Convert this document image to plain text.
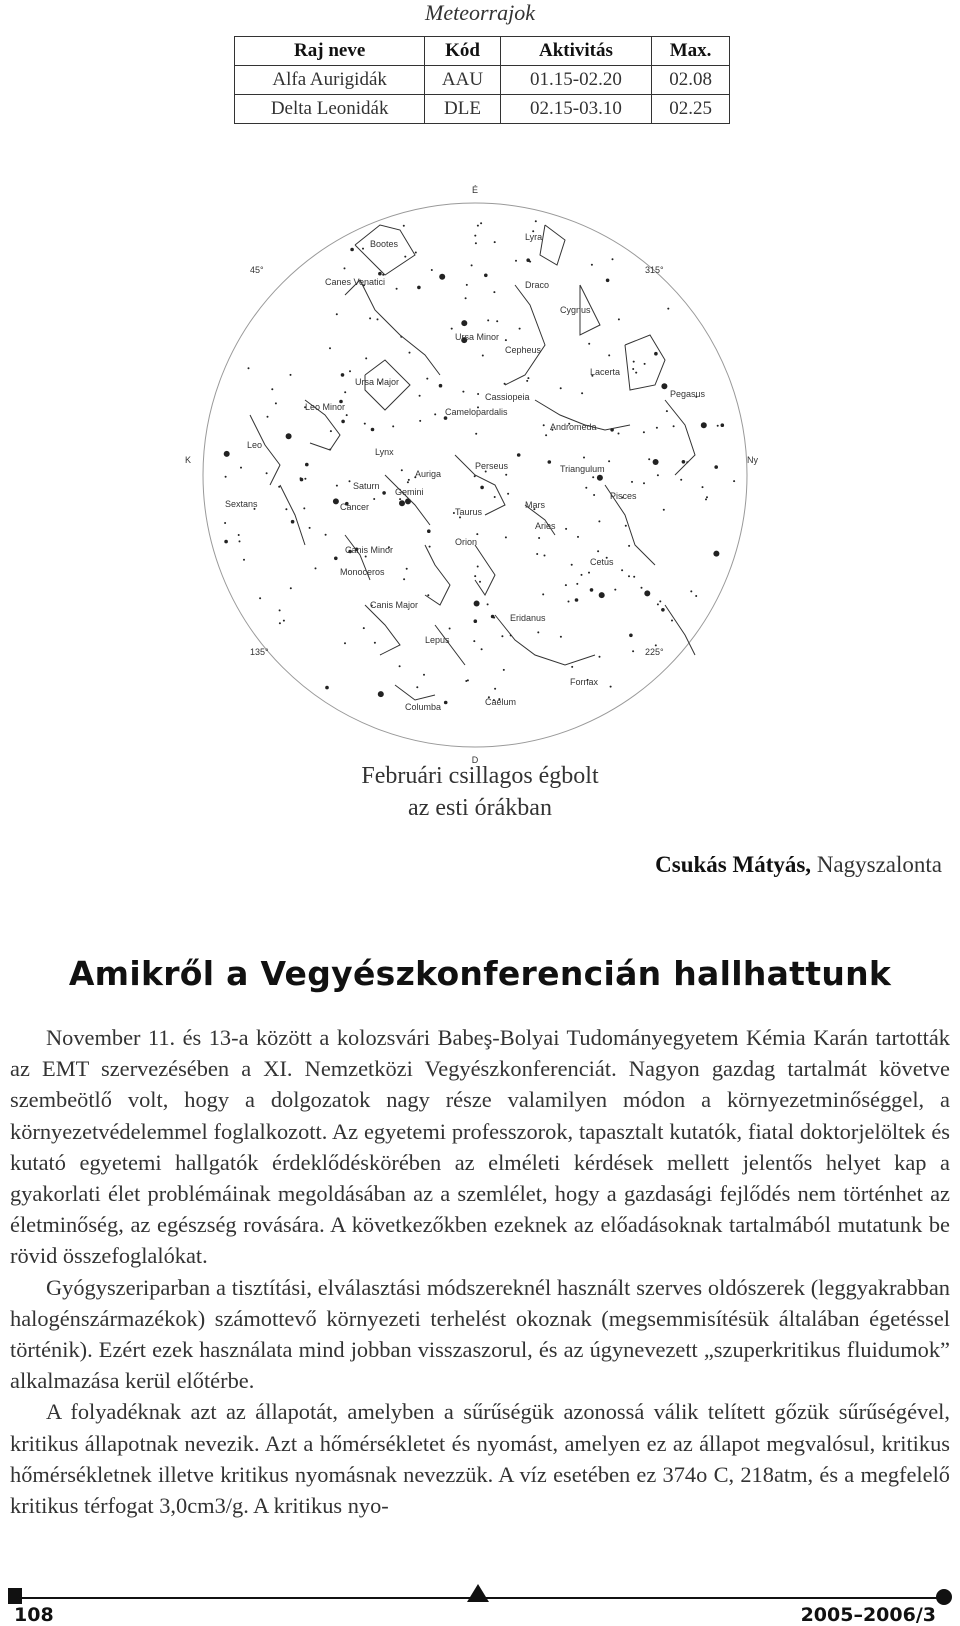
Meteorrajok
Raj neve	Kód	Aktivitás	Max.
Alfa Aurigidák	AAU	01.15-02.20	02.08
Delta Leonidák	DLE	02.15-03.10	02.25
É
D
K	Ny
45°	315°
135°	225°
Bootes
Lyra
Canes Venatici	Draco
Cygnus
Ursa Minor
Cepheus
Lacerta
Ursa Major
Cassiopeia	Pegasus
Leo Minor	Camelopardalis
Andromeda
Leo
Lynx
Perseus	Triangulum
Auriga
Saturn
Gemini
Mars
Pisces
Sextans	Cancer	Taurus
Aries
Orion
Canis Minor
Cetus
Monoceros
Canis Major
Eridanus
Lepus
Fornax
Columba	Caelum
Februári csillagos égbolt
az esti órákban
Csukás Mátyás, Nagyszalonta
Amikről a Vegyészkonferencián hallhattunk

November 11. és 13-a között a kolozsvári Babeş-Bolyai Tudományegyetem Kémia Karán tartották az EMT szervezésében a XI. Nemzetközi Vegyészkonferenciát. Nagyon gazdag tartalmát követve szembeötlő volt, hogy a dolgozatok nagy része valamilyen módon a környezetminőséggel, a környezetvédelemmel foglalkozott. Az egyetemi professzorok, tapasztalt kutatók, fiatal doktorjelöltek és kutató egyetemi hallgatók érdeklődéskörében az elméleti kérdések mellett jelentős helyet kap a gyakorlati élet problémáinak megoldásában az a szemlélet, hogy a gazdasági fejlődés nem történhet az életminőség, az egészség rovására. A következőkben ezeknek az előadásoknak tartalmából mutatunk be rövid összefoglalókat.

Gyógyszeriparban a tisztítási, elválasztási módszereknél használt szerves oldószerek (leggyakrabban halogénszármazékok) számottevő környezeti terhelést okoznak (megsemmisítésük általában égetéssel történik). Ezért ezek használata mind jobban visszaszorul, és az úgynevezett „szuperkritikus fluidumok” alkalmazása kerül előtérbe.

A folyadéknak azt az állapotát, amelyben a sűrűségük azonossá válik telített gőzük sűrűségével, kritikus állapotnak nevezik. Azt a hőmérsékletet és nyomást, amelyen ez az állapot megvalósul, kritikus hőmérsékletnek illetve kritikus nyomásnak nevezzük. A víz esetében ez 374o C, 218atm, és a megfelelő kritikus térfogat 3,0cm3/g. A kritikus nyo-

108	2005–2006/3
